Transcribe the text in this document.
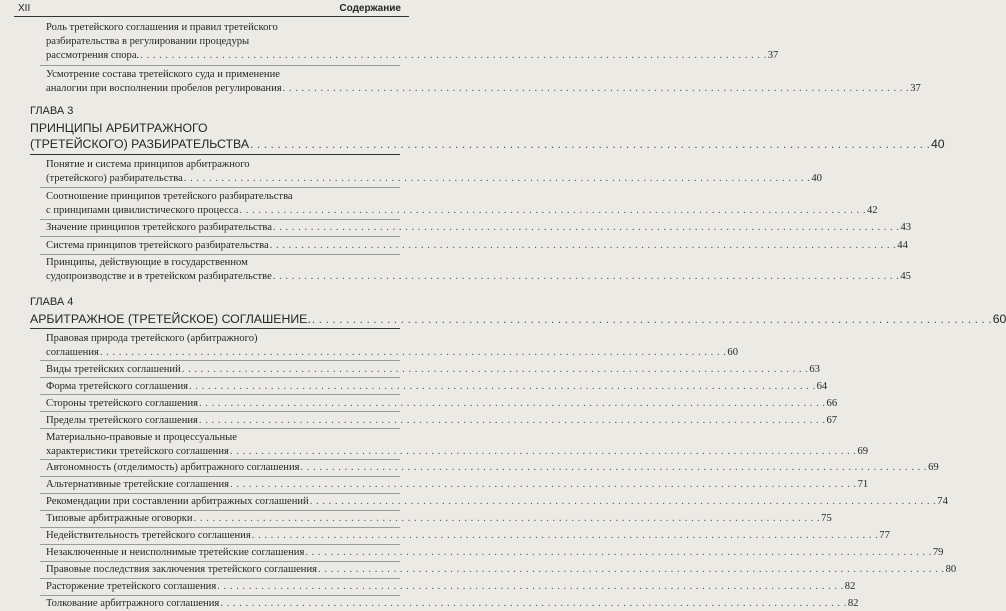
XII	Содержание
Роль третейского соглашения и правил третейского
разбирательства в регулировании процедуры
рассмотрения спора. . . . . . . . . . . . . . . . . . . . . . . . . . . . . . . . . . . . . . . . . . . . . . . . . . . . . . . . . . . . . . . . . . . . . . . . . . . . . . . . . . . . . . . . . . . . . . . . . . . . . 37
Усмотрение состава третейского суда и применение
аналогии при восполнении пробелов регулирования . . . . . . . . . . . . . . . . . . . . . . . . . . . . . . . . . . . . . . . . . . . . . . . . . . . . . . . . . . . . . . . . . . . . . . . . . . . . . . . . . . . . . . . . . . . . . . . . . . . . 37
ГЛАВА 3
ПРИНЦИПЫ АРБИТРАЖНОГО
(ТРЕТЕЙСКОГО) РАЗБИРАТЕЛЬСТВА . . . . . . . . . . . . . . . . . . . . . . . . . . . . . . . . . . . . . . . . . . . . . . . . . . . . . . . . . . . . . . . . . . . . . . . . . . . . . . . . . . . . . . . . . . . . . . . . . . . . 40
Понятие и система принципов арбитражного
(третейского) разбирательства . . . . . . . . . . . . . . . . . . . . . . . . . . . . . . . . . . . . . . . . . . . . . . . . . . . . . . . . . . . . . . . . . . . . . . . . . . . . . . . . . . . . . . . . . . . . . . . . . . . . 40
Соотношение принципов третейского разбирательства
с принципами цивилистического процесса . . . . . . . . . . . . . . . . . . . . . . . . . . . . . . . . . . . . . . . . . . . . . . . . . . . . . . . . . . . . . . . . . . . . . . . . . . . . . . . . . . . . . . . . . . . . . . . . . . . . 42
Значение принципов третейского разбирательства . . . . . . . . . . . . . . . . . . . . . . . . . . . . . . . . . . . . . . . . . . . . . . . . . . . . . . . . . . . . . . . . . . . . . . . . . . . . . . . . . . . . . . . . . . . . . . . . . . . . 43
Система принципов третейского разбирательства . . . . . . . . . . . . . . . . . . . . . . . . . . . . . . . . . . . . . . . . . . . . . . . . . . . . . . . . . . . . . . . . . . . . . . . . . . . . . . . . . . . . . . . . . . . . . . . . . . . . 44
Принципы, действующие в государственном
судопроизводстве и в третейском разбирательстве . . . . . . . . . . . . . . . . . . . . . . . . . . . . . . . . . . . . . . . . . . . . . . . . . . . . . . . . . . . . . . . . . . . . . . . . . . . . . . . . . . . . . . . . . . . . . . . . . . . . 45
ГЛАВА 4
АРБИТРАЖНОЕ (ТРЕТЕЙСКОЕ) СОГЛАШЕНИЕ. . . . . . . . . . . . . . . . . . . . . . . . . . . . . . . . . . . . . . . . . . . . . . . . . . . . . . . . . . . . . . . . . . . . . . . . . . . . . . . . . . . . . . . . . . . . . . . . . . . . . 60
Правовая природа третейского (арбитражного)
соглашения . . . . . . . . . . . . . . . . . . . . . . . . . . . . . . . . . . . . . . . . . . . . . . . . . . . . . . . . . . . . . . . . . . . . . . . . . . . . . . . . . . . . . . . . . . . . . . . . . . . . 60
Виды третейских соглашений . . . . . . . . . . . . . . . . . . . . . . . . . . . . . . . . . . . . . . . . . . . . . . . . . . . . . . . . . . . . . . . . . . . . . . . . . . . . . . . . . . . . . . . . . . . . . . . . . . . . 63
Форма третейского соглашения . . . . . . . . . . . . . . . . . . . . . . . . . . . . . . . . . . . . . . . . . . . . . . . . . . . . . . . . . . . . . . . . . . . . . . . . . . . . . . . . . . . . . . . . . . . . . . . . . . . . 64
Стороны третейского соглашения . . . . . . . . . . . . . . . . . . . . . . . . . . . . . . . . . . . . . . . . . . . . . . . . . . . . . . . . . . . . . . . . . . . . . . . . . . . . . . . . . . . . . . . . . . . . . . . . . . . . 66
Пределы третейского соглашения . . . . . . . . . . . . . . . . . . . . . . . . . . . . . . . . . . . . . . . . . . . . . . . . . . . . . . . . . . . . . . . . . . . . . . . . . . . . . . . . . . . . . . . . . . . . . . . . . . . . 67
Материально-правовые и процессуальные
характеристики третейского соглашения . . . . . . . . . . . . . . . . . . . . . . . . . . . . . . . . . . . . . . . . . . . . . . . . . . . . . . . . . . . . . . . . . . . . . . . . . . . . . . . . . . . . . . . . . . . . . . . . . . . . 69
Автономность (отделимость) арбитражного соглашения . . . . . . . . . . . . . . . . . . . . . . . . . . . . . . . . . . . . . . . . . . . . . . . . . . . . . . . . . . . . . . . . . . . . . . . . . . . . . . . . . . . . . . . . . . . . . . . . . . . . 69
Альтернативные третейские соглашения . . . . . . . . . . . . . . . . . . . . . . . . . . . . . . . . . . . . . . . . . . . . . . . . . . . . . . . . . . . . . . . . . . . . . . . . . . . . . . . . . . . . . . . . . . . . . . . . . . . . 71
Рекомендации при составлении арбитражных соглашений . . . . . . . . . . . . . . . . . . . . . . . . . . . . . . . . . . . . . . . . . . . . . . . . . . . . . . . . . . . . . . . . . . . . . . . . . . . . . . . . . . . . . . . . . . . . . . . . . . . . 74
Типовые арбитражные оговорки . . . . . . . . . . . . . . . . . . . . . . . . . . . . . . . . . . . . . . . . . . . . . . . . . . . . . . . . . . . . . . . . . . . . . . . . . . . . . . . . . . . . . . . . . . . . . . . . . . . . 75
Недействительность третейского соглашения . . . . . . . . . . . . . . . . . . . . . . . . . . . . . . . . . . . . . . . . . . . . . . . . . . . . . . . . . . . . . . . . . . . . . . . . . . . . . . . . . . . . . . . . . . . . . . . . . . . . 77
Незаключенные и неисполнимые третейские соглашения . . . . . . . . . . . . . . . . . . . . . . . . . . . . . . . . . . . . . . . . . . . . . . . . . . . . . . . . . . . . . . . . . . . . . . . . . . . . . . . . . . . . . . . . . . . . . . . . . . . . 79
Правовые последствия заключения третейского соглашения . . . . . . . . . . . . . . . . . . . . . . . . . . . . . . . . . . . . . . . . . . . . . . . . . . . . . . . . . . . . . . . . . . . . . . . . . . . . . . . . . . . . . . . . . . . . . . . . . . . . 80
Расторжение третейского соглашения . . . . . . . . . . . . . . . . . . . . . . . . . . . . . . . . . . . . . . . . . . . . . . . . . . . . . . . . . . . . . . . . . . . . . . . . . . . . . . . . . . . . . . . . . . . . . . . . . . . . 82
Толкование арбитражного соглашения . . . . . . . . . . . . . . . . . . . . . . . . . . . . . . . . . . . . . . . . . . . . . . . . . . . . . . . . . . . . . . . . . . . . . . . . . . . . . . . . . . . . . . . . . . . . . . . . . . . . 82
